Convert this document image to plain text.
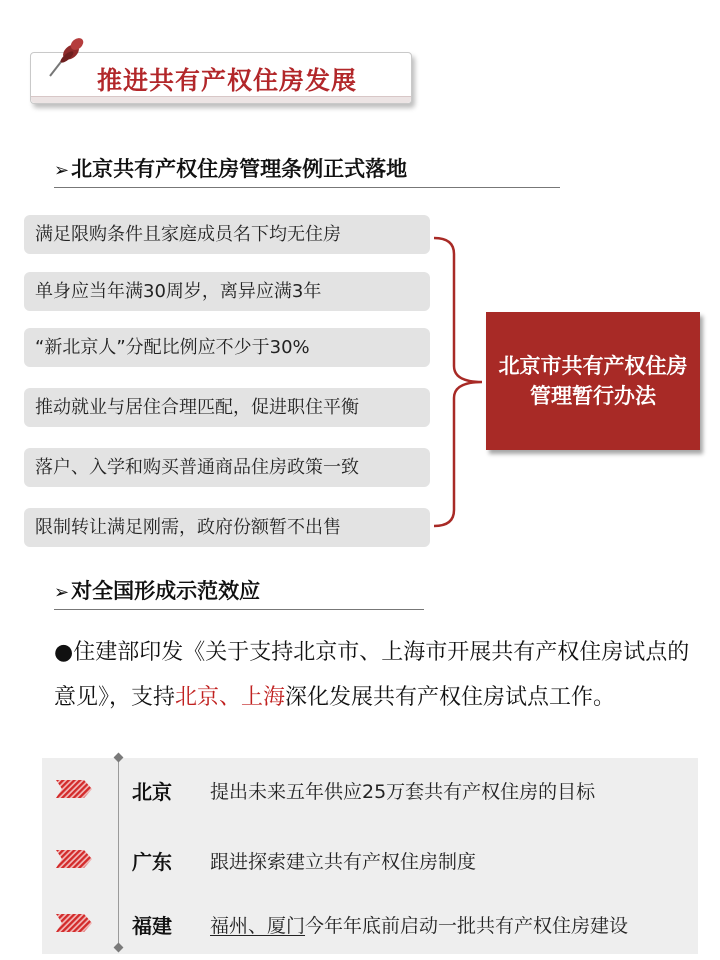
推进共有产权住房发展
➢北京共有产权住房管理条例正式落地
满足限购条件且家庭成员名下均无住房
单身应当年满30周岁，离异应满3年
“新北京人”分配比例应不少于30%
推动就业与居住合理匹配，促进职住平衡
落户、入学和购买普通商品住房政策一致
限制转让满足刚需，政府份额暂不出售
北京市共有产权住房管理暂行办法
➢对全国形成示范效应
●住建部印发《关于支持北京市、上海市开展共有产权住房试点的意见》，支持北京、上海深化发展共有产权住房试点工作。
北京 提出未来五年供应25万套共有产权住房的目标
广东 跟进探索建立共有产权住房制度
福建 福州、厦门今年年底前启动一批共有产权住房建设
